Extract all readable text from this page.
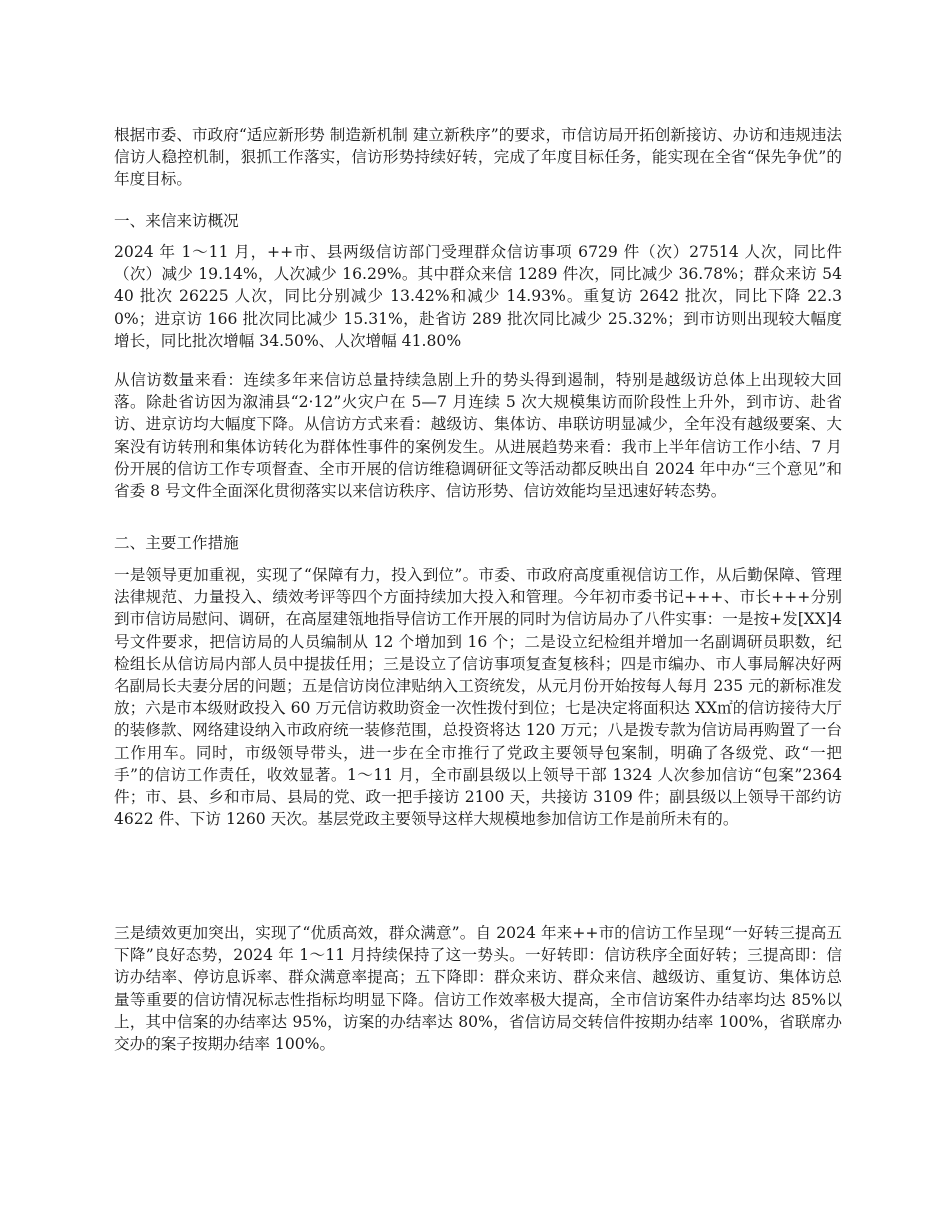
根据市委、市政府“适应新形势 制造新机制 建立新秩序”的要求，市信访局开拓创新接访、办访和违规违法信访人稳控机制，狠抓工作落实，信访形势持续好转，完成了年度目标任务，能实现在全省“保先争优”的年度目标。

一、来信来访概况

2024 年 1～11 月，++市、县两级信访部门受理群众信访事项 6729 件（次）27514 人次，同比件（次）减少 19.14%，人次减少 16.29%。其中群众来信 1289 件次，同比减少 36.78%；群众来访 5440 批次 26225 人次，同比分别减少 13.42%和减少 14.93%。重复访 2642 批次，同比下降 22.30%；进京访 166 批次同比减少 15.31%，赴省访 289 批次同比减少 25.32%；到市访则出现较大幅度增长，同比批次增幅 34.50%、人次增幅 41.80%

从信访数量来看：连续多年来信访总量持续急剧上升的势头得到遏制，特别是越级访总体上出现较大回落。除赴省访因为溆浦县“2·12”火灾户在 5—7 月连续 5 次大规模集访而阶段性上升外，到市访、赴省访、进京访均大幅度下降。从信访方式来看：越级访、集体访、串联访明显减少，全年没有越级要案、大案没有访转刑和集体访转化为群体性事件的案例发生。从进展趋势来看：我市上半年信访工作小结、7 月份开展的信访工作专项督查、全市开展的信访维稳调研征文等活动都反映出自 2024 年中办“三个意见”和省委 8 号文件全面深化贯彻落实以来信访秩序、信访形势、信访效能均呈迅速好转态势。

二、主要工作措施

一是领导更加重视，实现了“保障有力，投入到位”。市委、市政府高度重视信访工作，从后勤保障、管理法律规范、力量投入、绩效考评等四个方面持续加大投入和管理。今年初市委书记+++、市长+++分别到市信访局慰问、调研，在高屋建瓴地指导信访工作开展的同时为信访局办了八件实事：一是按+发[XX]4 号文件要求，把信访局的人员编制从 12 个增加到 16 个；二是设立纪检组并增加一名副调研员职数，纪检组长从信访局内部人员中提拔任用；三是设立了信访事项复查复核科；四是市编办、市人事局解决好两名副局长夫妻分居的问题；五是信访岗位津贴纳入工资统发，从元月份开始按每人每月 235 元的新标准发放；六是市本级财政投入 60 万元信访救助资金一次性拨付到位；七是决定将面积达 XX㎡的信访接待大厅的装修款、网络建设纳入市政府统一装修范围，总投资将达 120 万元；八是拨专款为信访局再购置了一台工作用车。同时，市级领导带头，进一步在全市推行了党政主要领导包案制，明确了各级党、政“一把手”的信访工作责任，收效显著。1～11 月，全市副县级以上领导干部 1324 人次参加信访“包案”2364 件；市、县、乡和市局、县局的党、政一把手接访 2100 天，共接访 3109 件；副县级以上领导干部约访 4622 件、下访 1260 天次。基层党政主要领导这样大规模地参加信访工作是前所未有的。

三是绩效更加突出，实现了“优质高效，群众满意”。自 2024 年来++市的信访工作呈现“一好转三提高五下降”良好态势，2024 年 1～11 月持续保持了这一势头。一好转即：信访秩序全面好转；三提高即：信访办结率、停访息诉率、群众满意率提高；五下降即：群众来访、群众来信、越级访、重复访、集体访总量等重要的信访情况标志性指标均明显下降。信访工作效率极大提高，全市信访案件办结率均达 85%以上，其中信案的办结率达 95%，访案的办结率达 80%，省信访局交转信件按期办结率 100%，省联席办交办的案子按期办结率 100%。
